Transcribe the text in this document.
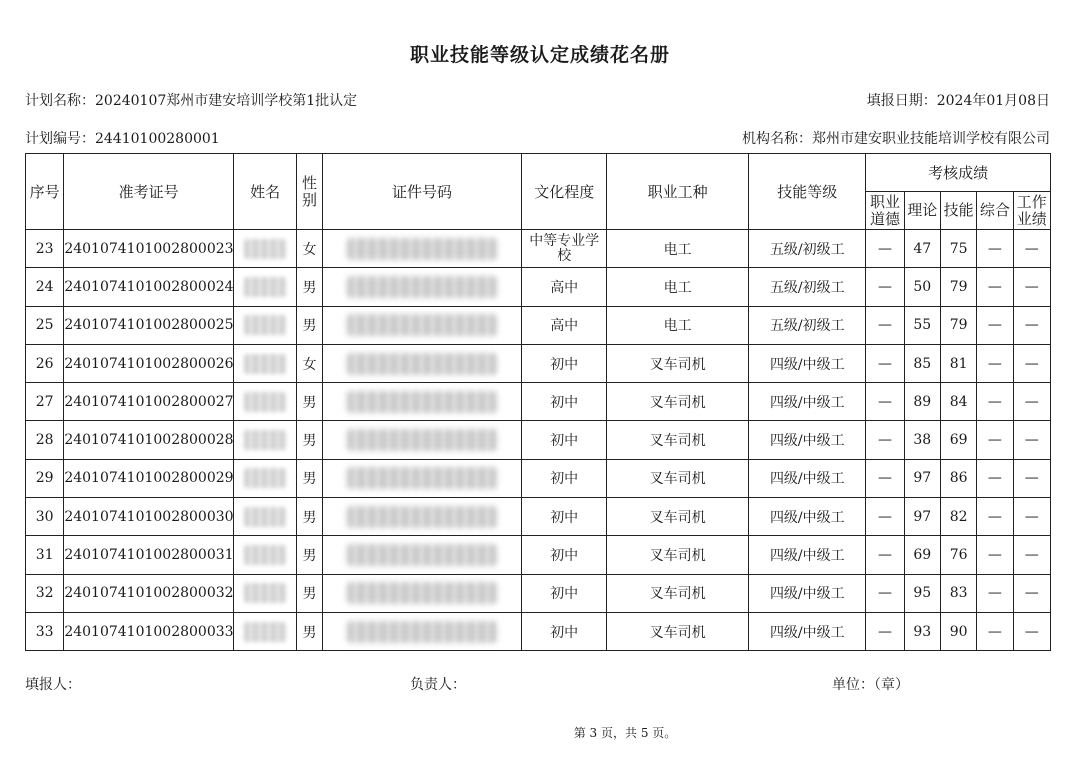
职业技能等级认定成绩花名册
计划名称：20240107郑州市建安培训学校第1批认定	填报日期：2024年01月08日
计划编号：24410100280001	机构名称：郑州市建安职业技能培训学校有限公司
序号	准考证号	姓名	性别	证件号码	文化程度	职业工种	技能等级	考核成绩				
								职业道德	理论	技能	综合	工作业绩
23	2401074101002800023		女		中等专业学校	电工	五级/初级工	—	47	75	—	—
24	2401074101002800024		男		高中	电工	五级/初级工	—	50	79	—	—
25	2401074101002800025		男		高中	电工	五级/初级工	—	55	79	—	—
26	2401074101002800026		女		初中	叉车司机	四级/中级工	—	85	81	—	—
27	2401074101002800027		男		初中	叉车司机	四级/中级工	—	89	84	—	—
28	2401074101002800028		男		初中	叉车司机	四级/中级工	—	38	69	—	—
29	2401074101002800029		男		初中	叉车司机	四级/中级工	—	97	86	—	—
30	2401074101002800030		男		初中	叉车司机	四级/中级工	—	97	82	—	—
31	2401074101002800031		男		初中	叉车司机	四级/中级工	—	69	76	—	—
32	2401074101002800032		男		初中	叉车司机	四级/中级工	—	95	83	—	—
33	2401074101002800033		男		初中	叉车司机	四级/中级工	—	93	90	—	—
填报人：	负责人：	单位：（章）
第 3 页，共 5 页。
